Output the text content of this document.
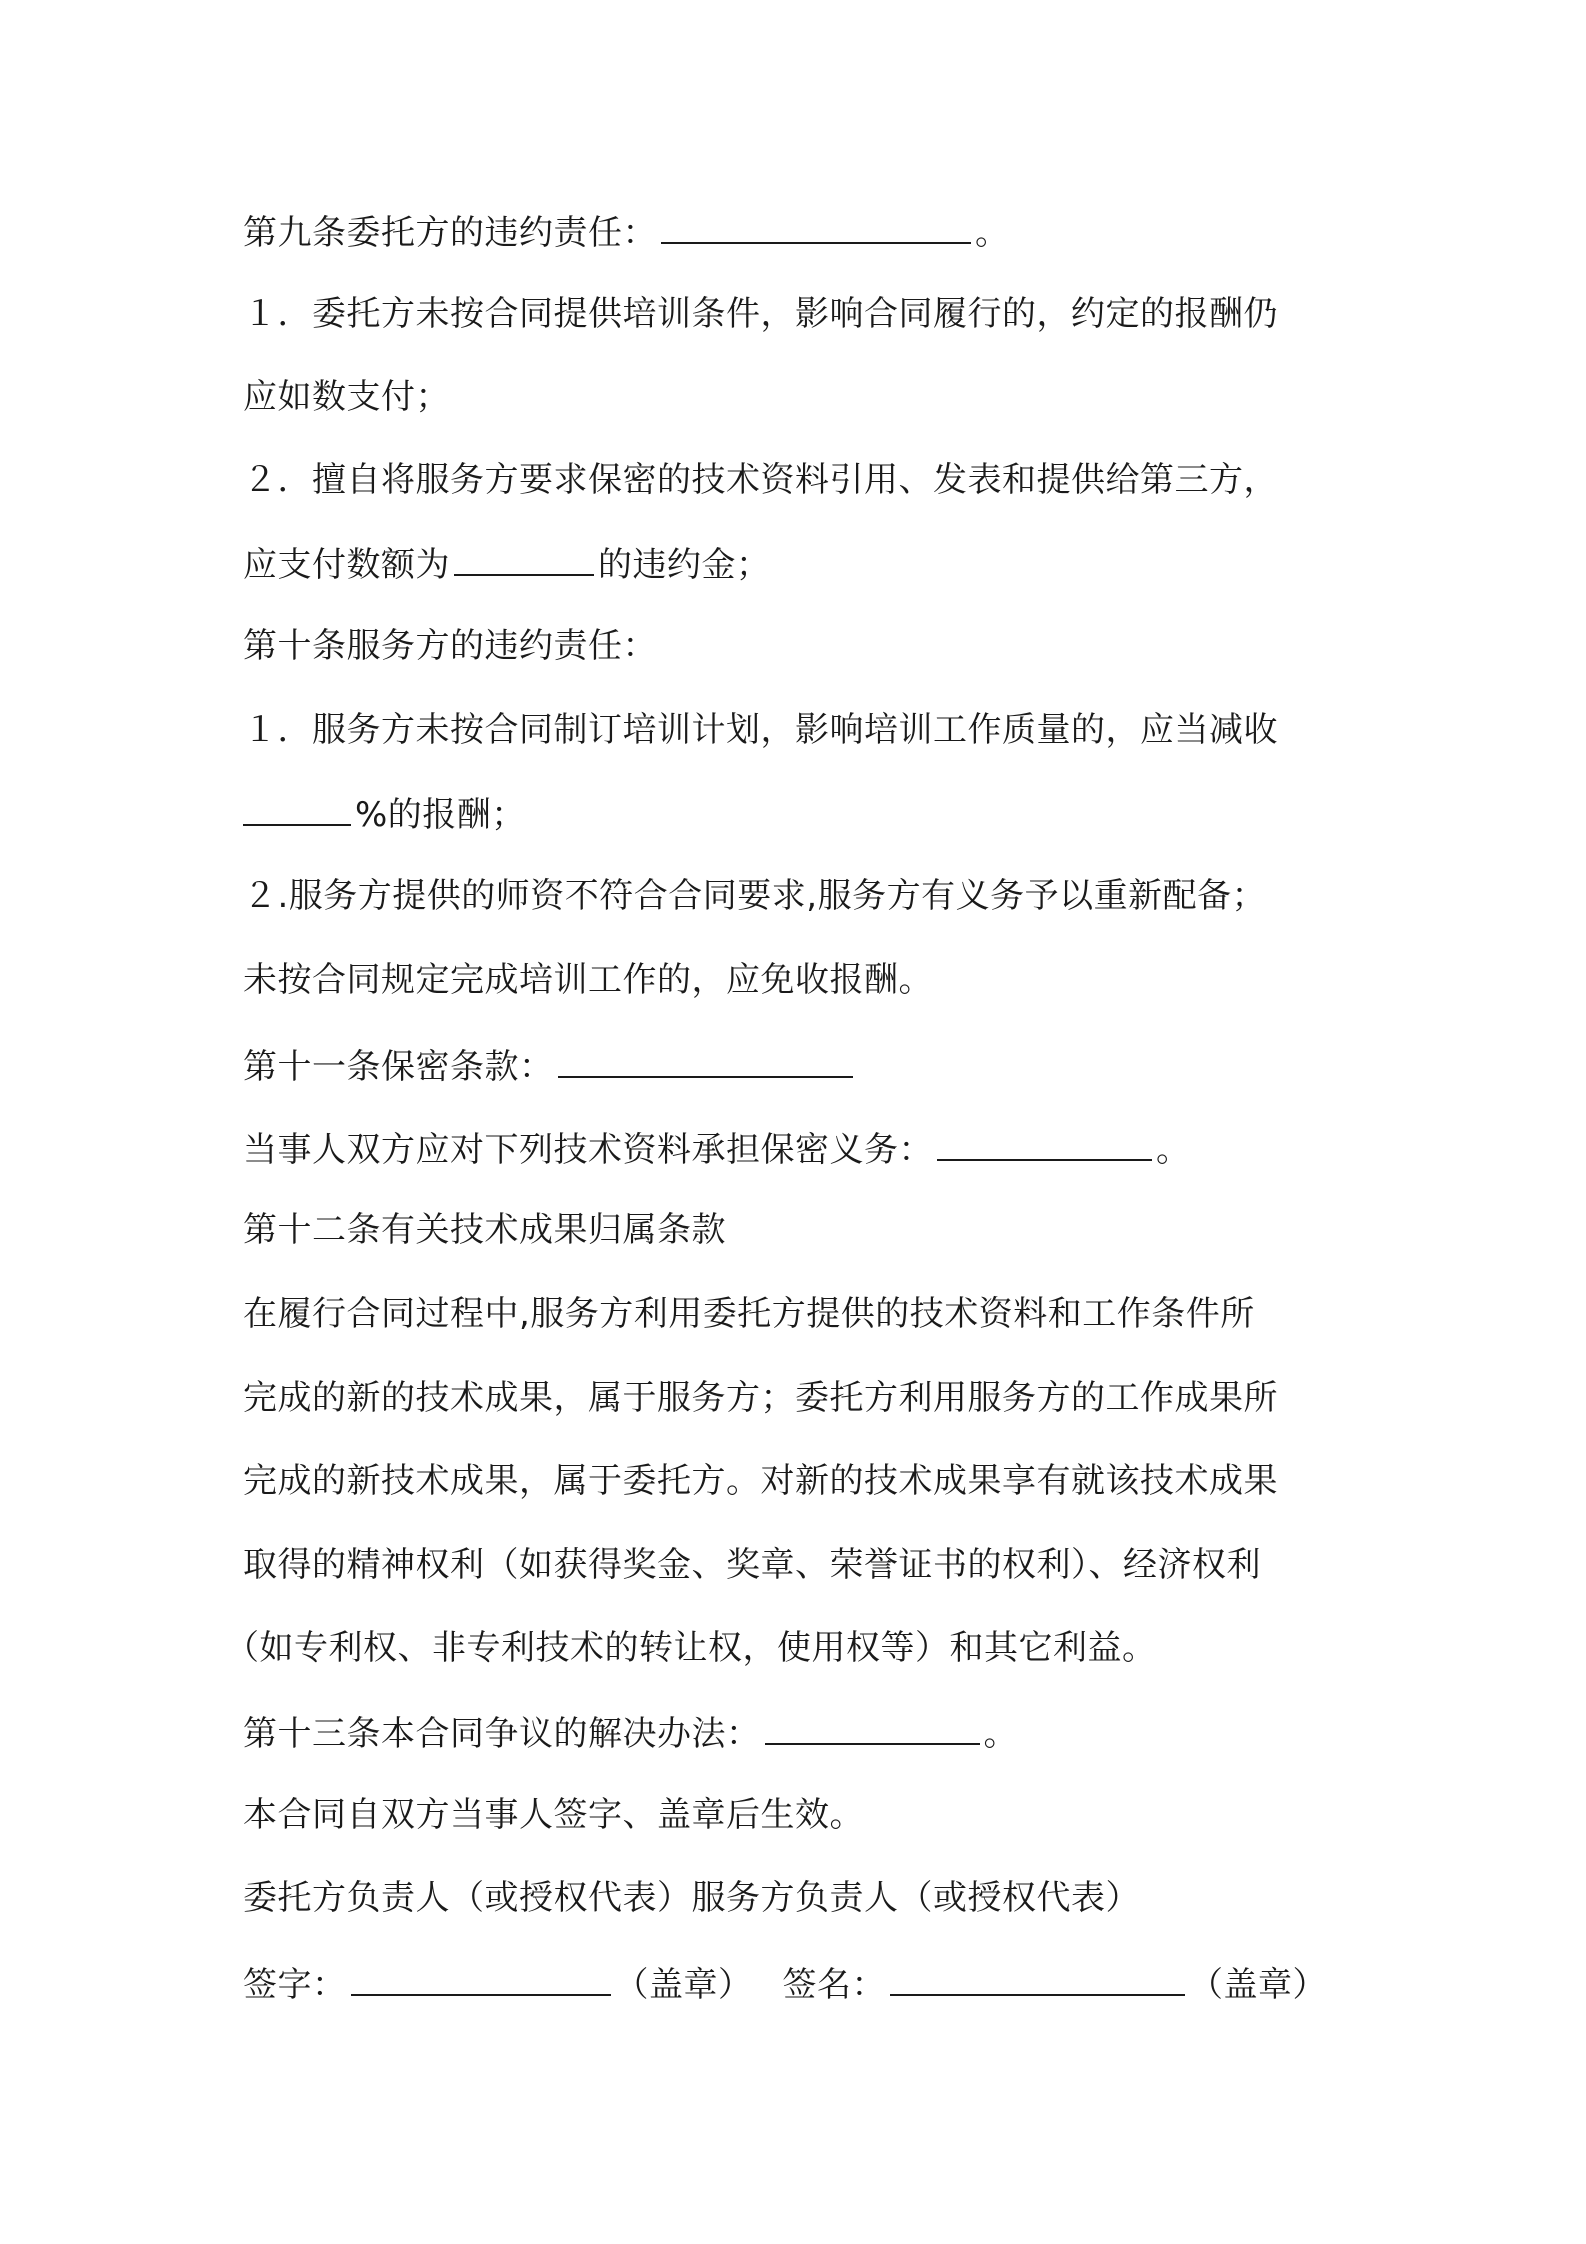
第九条委托方的违约责任：	。
１．委托方未按合同提供培训条件，影响合同履行的，约定的报酬仍
应如数支付；
２．擅自将服务方要求保密的技术资料引用、发表和提供给第三方，
应支付数额为	的违约金；
第十条服务方的违约责任：
１．服务方未按合同制订培训计划，影响培训工作质量的，应当减收
%的报酬；
２.服务方提供的师资不符合合同要求,服务方有义务予以重新配备；
未按合同规定完成培训工作的，应免收报酬。
第十一条保密条款：
当事人双方应对下列技术资料承担保密义务：	。
第十二条有关技术成果归属条款
在履行合同过程中,服务方利用委托方提供的技术资料和工作条件所
完成的新的技术成果，属于服务方；委托方利用服务方的工作成果所
完成的新技术成果，属于委托方。对新的技术成果享有就该技术成果
取得的精神权利（如获得奖金、奖章、荣誉证书的权利）、经济权利
（如专利权、非专利技术的转让权，使用权等）和其它利益。
第十三条本合同争议的解决办法：	。
本合同自双方当事人签字、盖章后生效。
委托方负责人（或授权代表）服务方负责人（或授权代表）
签字：	（盖章） 签名：	（盖章）
